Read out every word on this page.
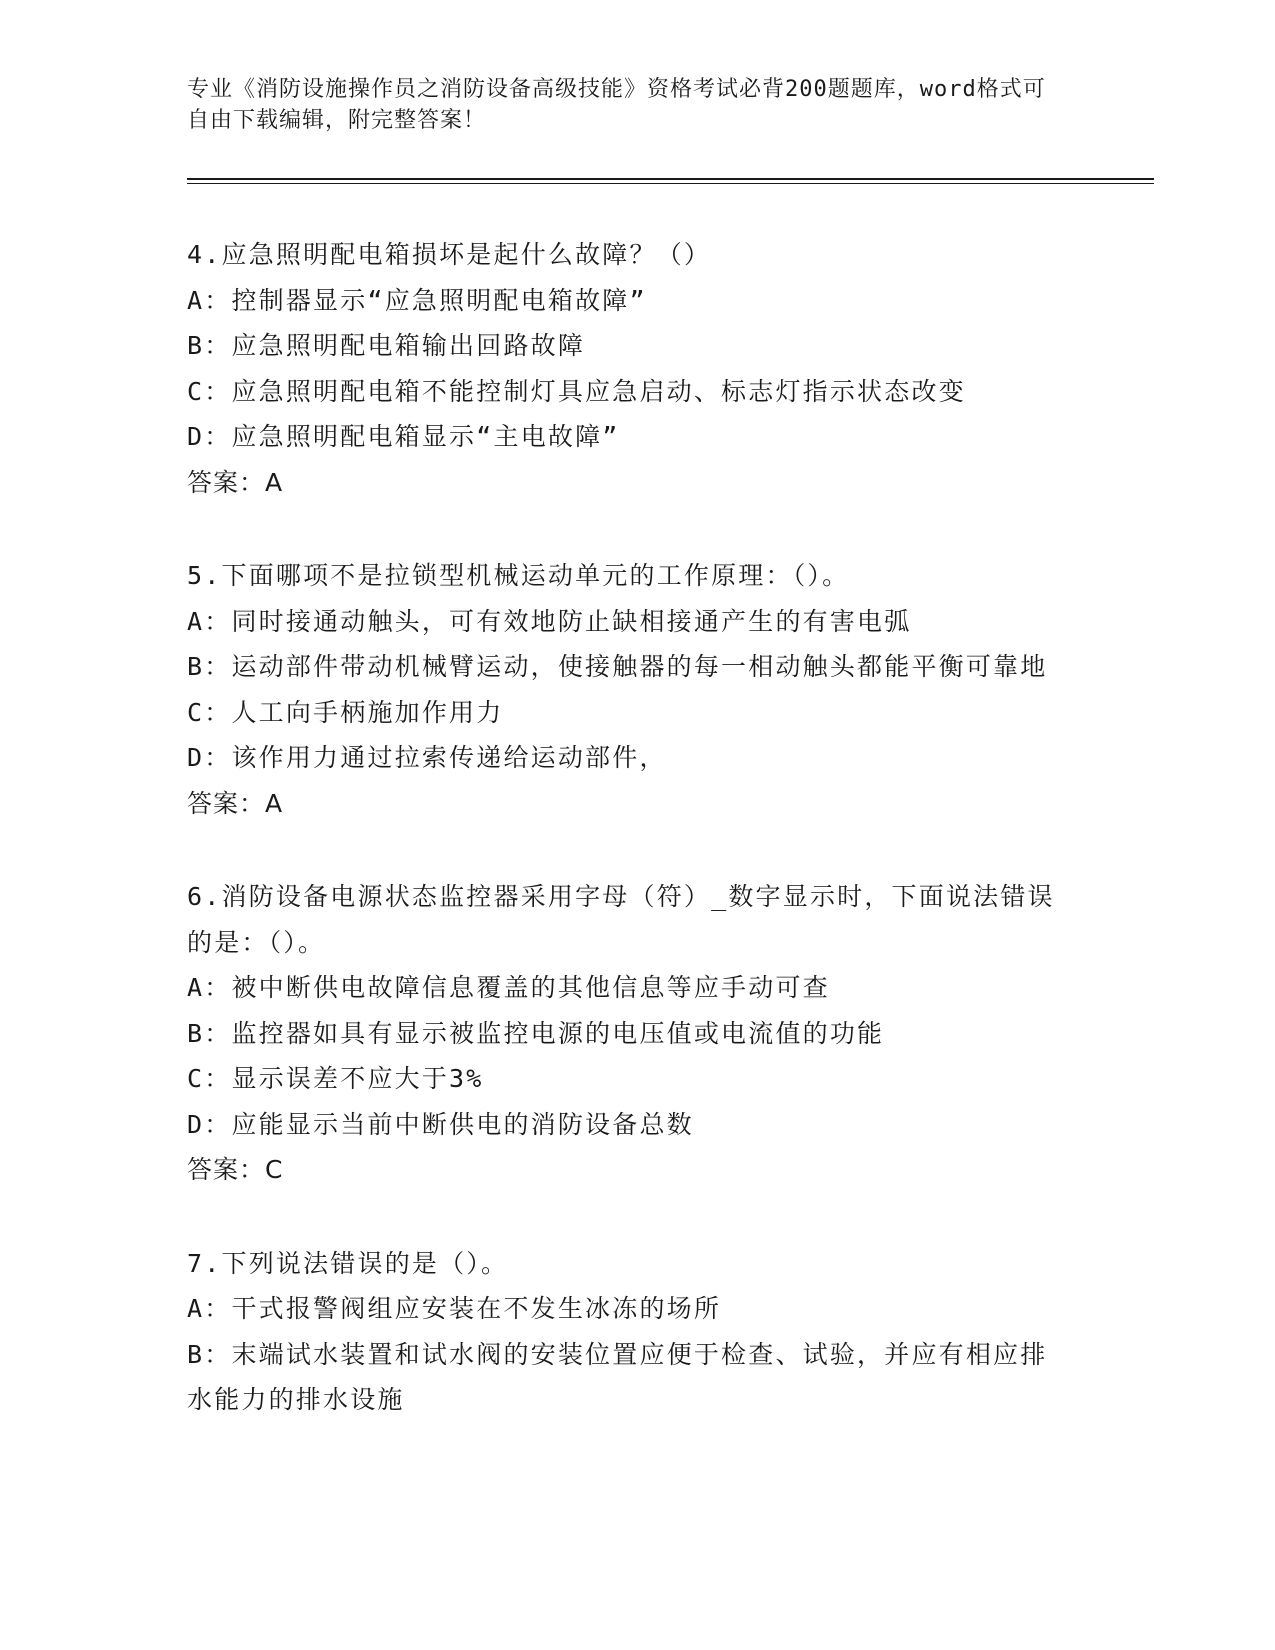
专业《消防设施操作员之消防设备高级技能》资格考试必背200题题库，word格式可自由下载编辑，附完整答案！
4.应急照明配电箱损坏是起什么故障？（）
A：控制器显示“应急照明配电箱故障”
B：应急照明配电箱输出回路故障
C：应急照明配电箱不能控制灯具应急启动、标志灯指示状态改变
D：应急照明配电箱显示“主电故障”
答案：A
5.下面哪项不是拉锁型机械运动单元的工作原理：（）。
A：同时接通动触头，可有效地防止缺相接通产生的有害电弧
B：运动部件带动机械臂运动，使接触器的每一相动触头都能平衡可靠地
C：人工向手柄施加作用力
D：该作用力通过拉索传递给运动部件，
答案：A
6.消防设备电源状态监控器采用字母（符）_数字显示时，下面说法错误的是：（）。
A：被中断供电故障信息覆盖的其他信息等应手动可查
B：监控器如具有显示被监控电源的电压值或电流值的功能
C：显示误差不应大于3%
D：应能显示当前中断供电的消防设备总数
答案：C
7.下列说法错误的是（）。
A：干式报警阀组应安装在不发生冰冻的场所
B：末端试水装置和试水阀的安装位置应便于检查、试验，并应有相应排水能力的排水设施
